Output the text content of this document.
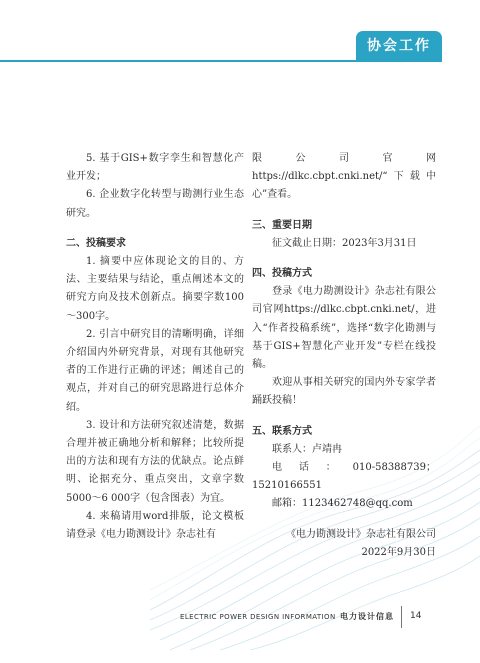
协会工作

5. 基于GIS+数字孪生和智慧化产业开发；

6. 企业数字化转型与勘测行业生态研究。

二、投稿要求

1. 摘要中应体现论文的目的、方法、主要结果与结论，重点阐述本文的研究方向及技术创新点。摘要字数100～300字。

2. 引言中研究目的清晰明确，详细介绍国内外研究背景，对现有其他研究者的工作进行正确的评述；阐述自己的观点，并对自己的研究思路进行总体介绍。

3. 设计和方法研究叙述清楚，数据合理并被正确地分析和解释；比较所提出的方法和现有方法的优缺点。论点鲜明、论据充分、重点突出，文章字数5000～6 000字（包含图表）为宜。

4. 来稿请用word排版，论文模板请登录《电力勘测设计》杂志社有

限公司官网https://dlkc.cbpt.cnki.net/“下载中心”查看。

三、重要日期

征文截止日期：2023年3月31日

四、投稿方式

登录《电力勘测设计》杂志社有限公司官网https://dlkc.cbpt.cnki.net/，进入“作者投稿系统”，选择“数字化勘测与基于GIS+智慧化产业开发”专栏在线投稿。

欢迎从事相关研究的国内外专家学者踊跃投稿！

五、联系方式

联系人：卢靖冉

电话：010-58388739；15210166551

邮箱：1123462748@qq.com

《电力勘测设计》杂志社有限公司

2022年9月30日

ELECTRIC POWER DESIGN INFORMATION 电力设计信息 14
